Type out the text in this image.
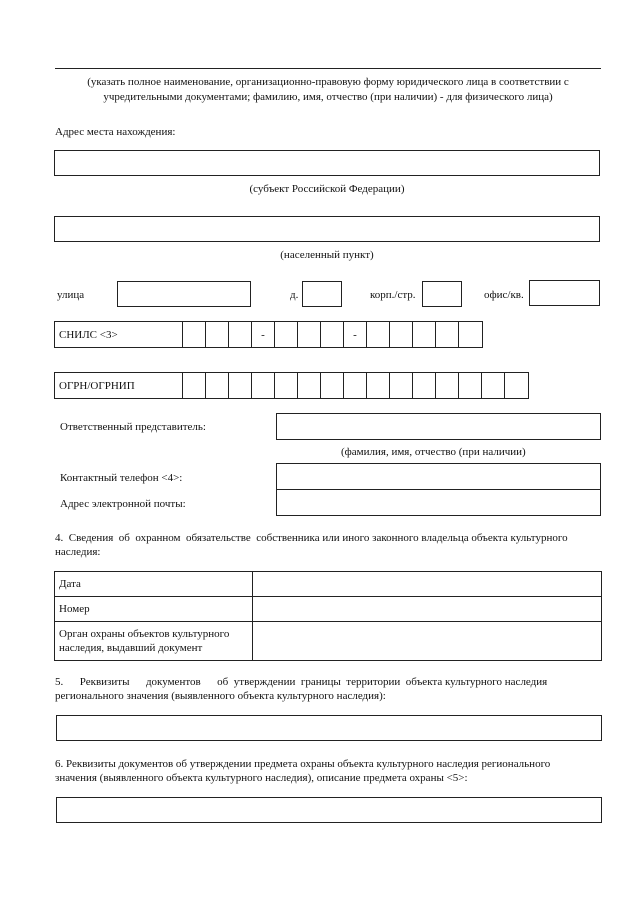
(указать полное наименование, организационно-правовую форму юридического лица в соответствии с
учредительными документами; фамилию, имя, отчество (при наличии) - для физического лица)
Адрес места нахождения:
(субъект Российской Федерации)
(населенный пункт)
улица	д.	корп./стр.	офис/кв.
СНИЛС <3>	-	-
ОГРН/ОГРНИП
Ответственный представитель:
(фамилия, имя, отчество (при наличии)
Контактный телефон <4>:
Адрес электронной почты:
4.  Сведения  об  охранном  обязательстве  собственника или иного законного владельца объекта культурного
наследия:
Дата	
Номер	

Орган охраны объектов культурного
наследия, выдавший документ	

5.      Реквизиты      документов      об  утверждении  границы  территории  объекта культурного наследия
регионального значения (выявленного объекта культурного наследия):
6. Реквизиты документов об утверждении предмета охраны объекта культурного наследия регионального
значения (выявленного объекта культурного наследия), описание предмета охраны <5>:
